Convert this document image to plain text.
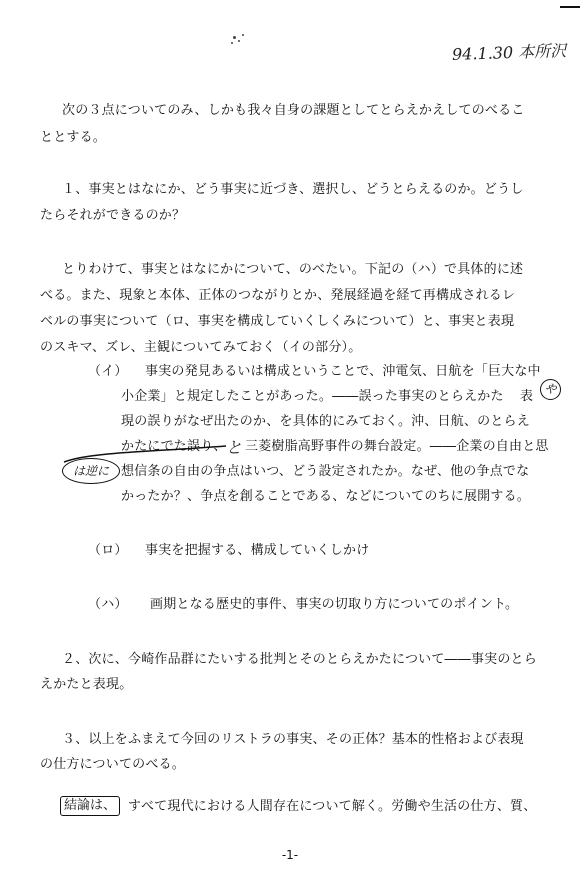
94.1.30 本所沢
次の３点についてのみ、しかも我々自身の課題としてとらえかえしてのべるこ
ととする。
１、事実とはなにか、どう事実に近づき、選択し、どうとらえるのか。どうし
たらそれができるのか？
とりわけて、事実とはなにかについて、のべたい。下記の（ハ）で具体的に述
べる。また、現象と本体、正体のつながりとか、発展経過を経て再構成されるレ
ベルの事実について（ロ、事実を構成していくしくみについて）と、事実と表現
のスキマ、ズレ、主観についてみておく（イの部分）。
（イ） 事実の発見あるいは構成ということで、沖電気、日航を「巨大な中
小企業」と規定したことがあった。――誤った事実のとらえかた 表 や
現の誤りがなぜ出たのか、を具体的にみておく。沖、日航、のとらえ
かたにでた誤り、 と 三菱樹脂高野事件の舞台設定。――企業の自由と思
想信条の自由の争点はいつ、どう設定されたか。なぜ、他の争点でな
かったか？、争点を創ることである、などについてのちに展開する。
は逆に
（ロ） 事実を把握する、構成していくしかけ
（ハ） 画期となる歴史的事件、事実の切取り方についてのポイント。
２、次に、今崎作品群にたいする批判とそのとらえかたについて――事実のとら
えかたと表現。
３、以上をふまえて今回のリストラの事実、その正体？基本的性格および表現
の仕方についてのべる。
結論は、 すべて現代における人間存在について解く。労働や生活の仕方、質、
-1-
